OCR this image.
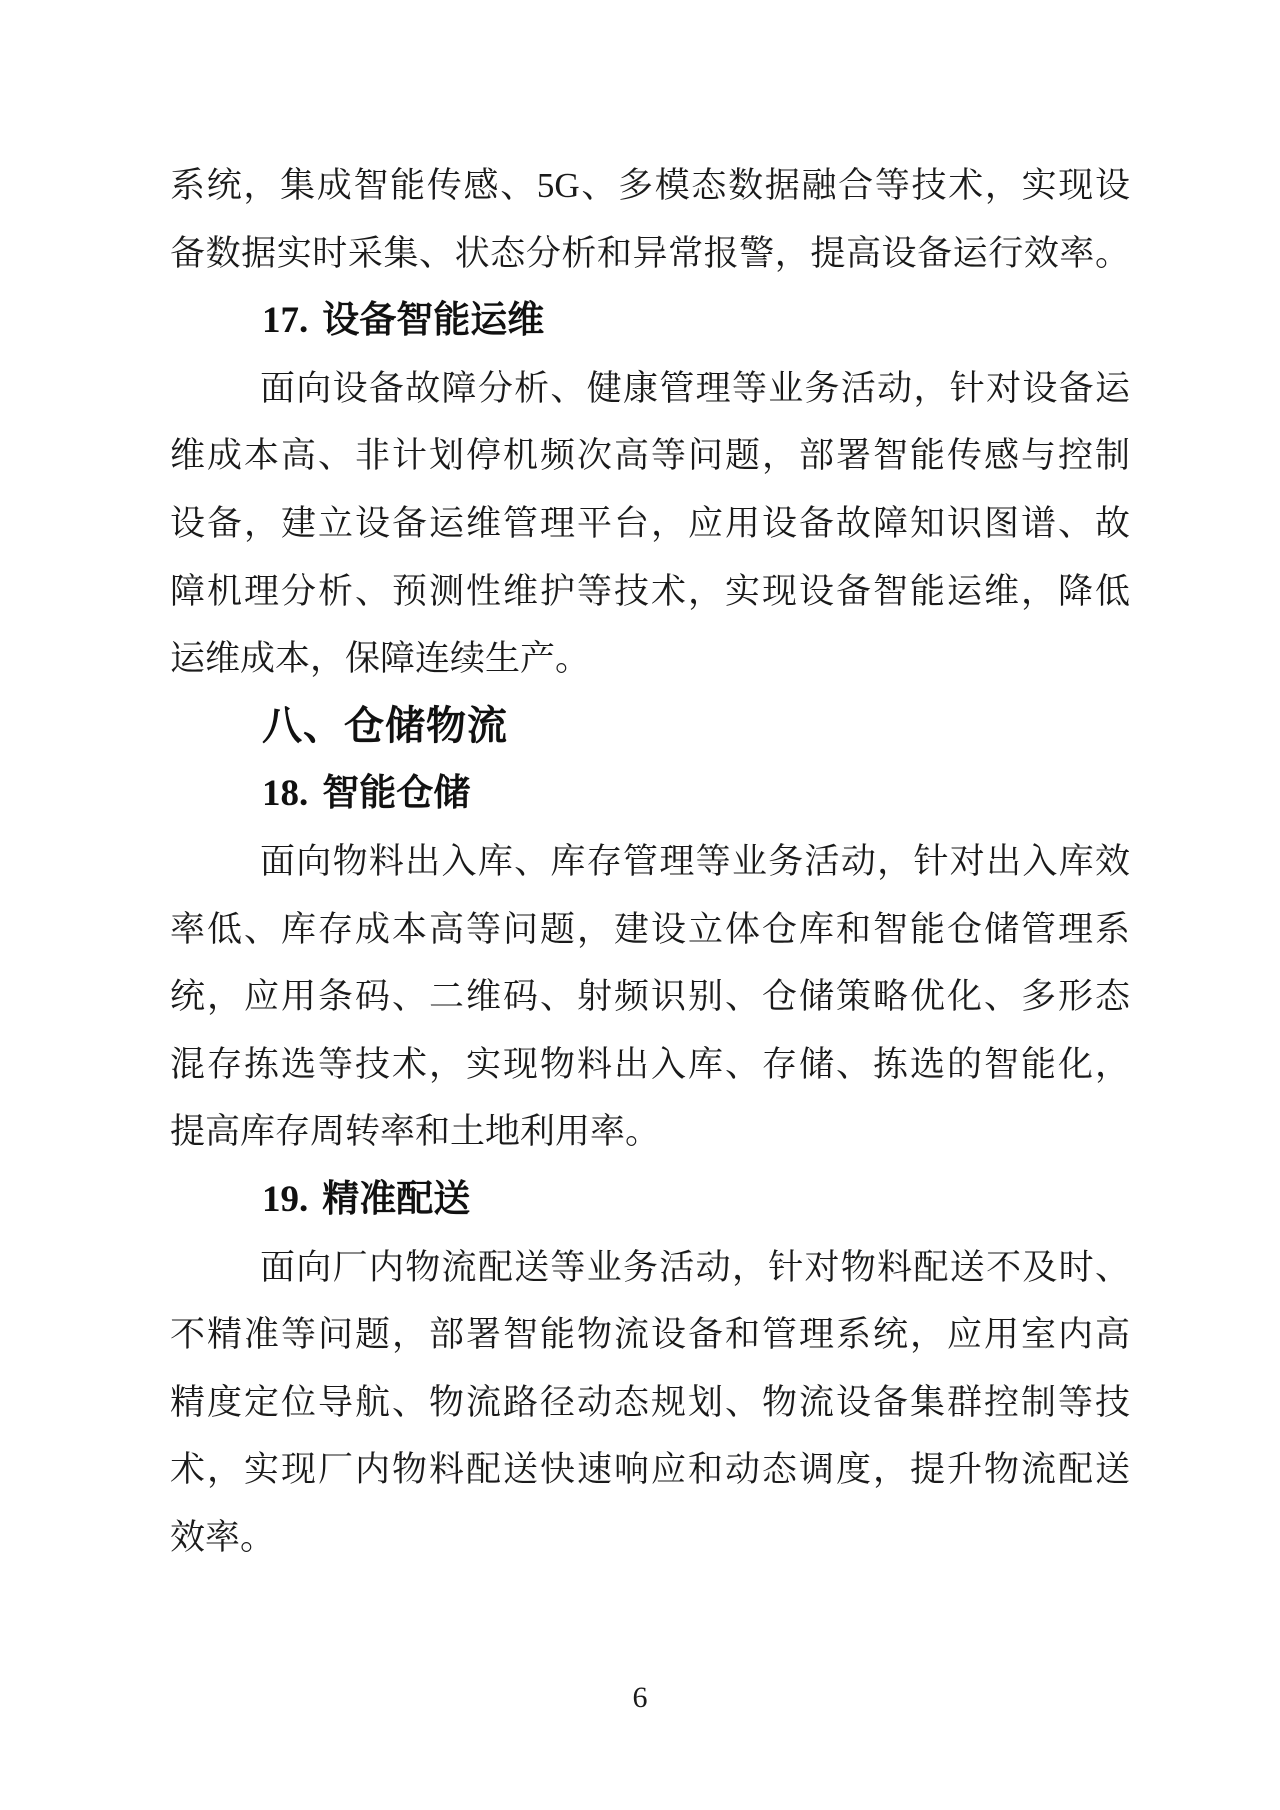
系统，集成智能传感、5G、多模态数据融合等技术，实现设
备数据实时采集、状态分析和异常报警，提高设备运行效率。
17. 设备智能运维
面向设备故障分析、健康管理等业务活动，针对设备运
维成本高、非计划停机频次高等问题，部署智能传感与控制
设备，建立设备运维管理平台，应用设备故障知识图谱、故
障机理分析、预测性维护等技术，实现设备智能运维，降低
运维成本，保障连续生产。
八、仓储物流
18. 智能仓储
面向物料出入库、库存管理等业务活动，针对出入库效
率低、库存成本高等问题，建设立体仓库和智能仓储管理系
统，应用条码、二维码、射频识别、仓储策略优化、多形态
混存拣选等技术，实现物料出入库、存储、拣选的智能化，
提高库存周转率和土地利用率。
19. 精准配送
面向厂内物流配送等业务活动，针对物料配送不及时、
不精准等问题，部署智能物流设备和管理系统，应用室内高
精度定位导航、物流路径动态规划、物流设备集群控制等技
术，实现厂内物料配送快速响应和动态调度，提升物流配送
效率。
6
